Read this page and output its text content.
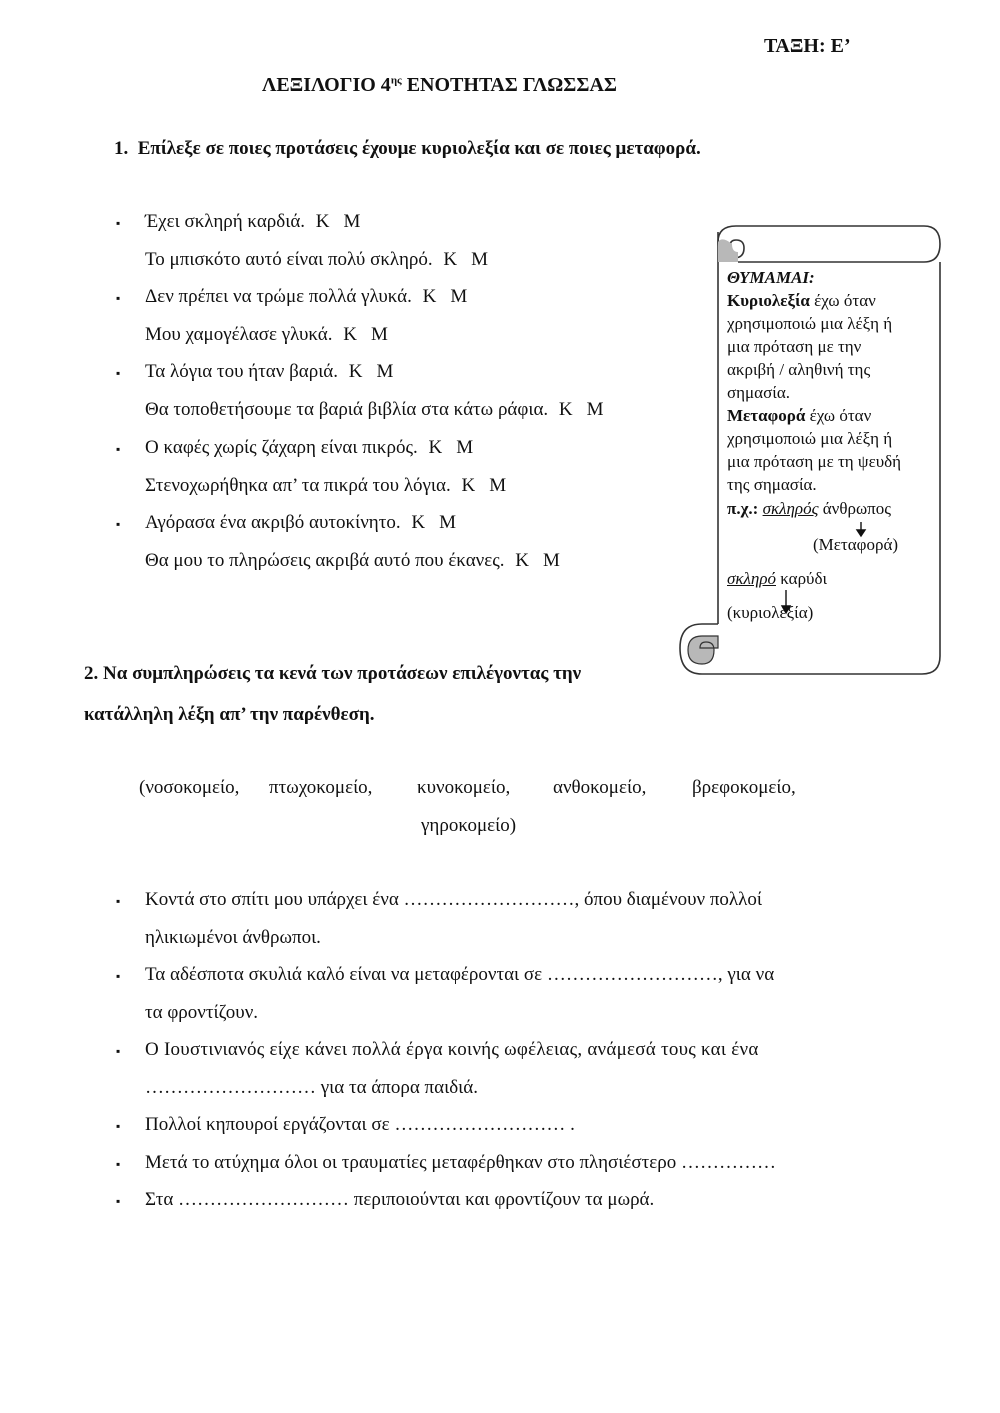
ΤΑΞΗ: Ε’
ΛΕΞΙΛΟΓΙΟ $4^{\eta\varsigma}$ ΕΝΟΤΗΤΑΣ ΓΛΩΣΣΑΣ
1. Επίλεξε σε ποιες προτάσεις έχουμε κυριολεξία και σε ποιες μεταφορά.
▪ Έχει σκληρή καρδιά. Κ Μ
Το μπισκότο αυτό είναι πολύ σκληρό. Κ Μ
▪ Δεν πρέπει να τρώμε πολλά γλυκά. Κ Μ
Μου χαμογέλασε γλυκά. Κ Μ
▪ Τα λόγια του ήταν βαριά. Κ Μ
Θα τοποθετήσουμε τα βαριά βιβλία στα κάτω ράφια. Κ Μ
▪ Ο καφές χωρίς ζάχαρη είναι πικρός. Κ Μ
Στενοχωρήθηκα απ’ τα πικρά του λόγια. Κ Μ
▪ Αγόρασα ένα ακριβό αυτοκίνητο. Κ Μ
Θα μου το πληρώσεις ακριβά αυτό που έκανες. Κ Μ
ΘΥΜΑΜΑΙ:
Κυριολεξία έχω όταν
χρησιμοποιώ μια λέξη ή
μια πρόταση με την
ακριβή / αληθινή της
σημασία.
Μεταφορά έχω όταν
χρησιμοποιώ μια λέξη ή
μια πρόταση με τη ψευδή
της σημασία.
π.χ.: σκληρός άνθρωπος
(Μεταφορά)
σκληρό καρύδι
(κυριολεξία)
2. Να συμπληρώσεις τα κενά των προτάσεων επιλέγοντας την
κατάλληλη λέξη απ’ την παρένθεση.
(νοσοκομείο, πτωχοκομείο, κυνοκομείο, ανθοκομείο, βρεφοκομείο,
γηροκομείο)
▪ Κοντά στο σπίτι μου υπάρχει ένα ………………………, όπου διαμένουν πολλοί
ηλικιωμένοι άνθρωποι.
▪ Τα αδέσποτα σκυλιά καλό είναι να μεταφέρονται σε ………………………, για να
τα φροντίζουν.
▪ Ο Ιουστινιανός είχε κάνει πολλά έργα κοινής ωφέλειας, ανάμεσά τους και ένα
……………………… για τα άπορα παιδιά.
▪ Πολλοί κηπουροί εργάζονται σε ……………………… .
▪ Μετά το ατύχημα όλοι οι τραυματίες μεταφέρθηκαν στο πλησιέστερο ……………
▪ Στα ……………………… περιποιούνται και φροντίζουν τα μωρά.
